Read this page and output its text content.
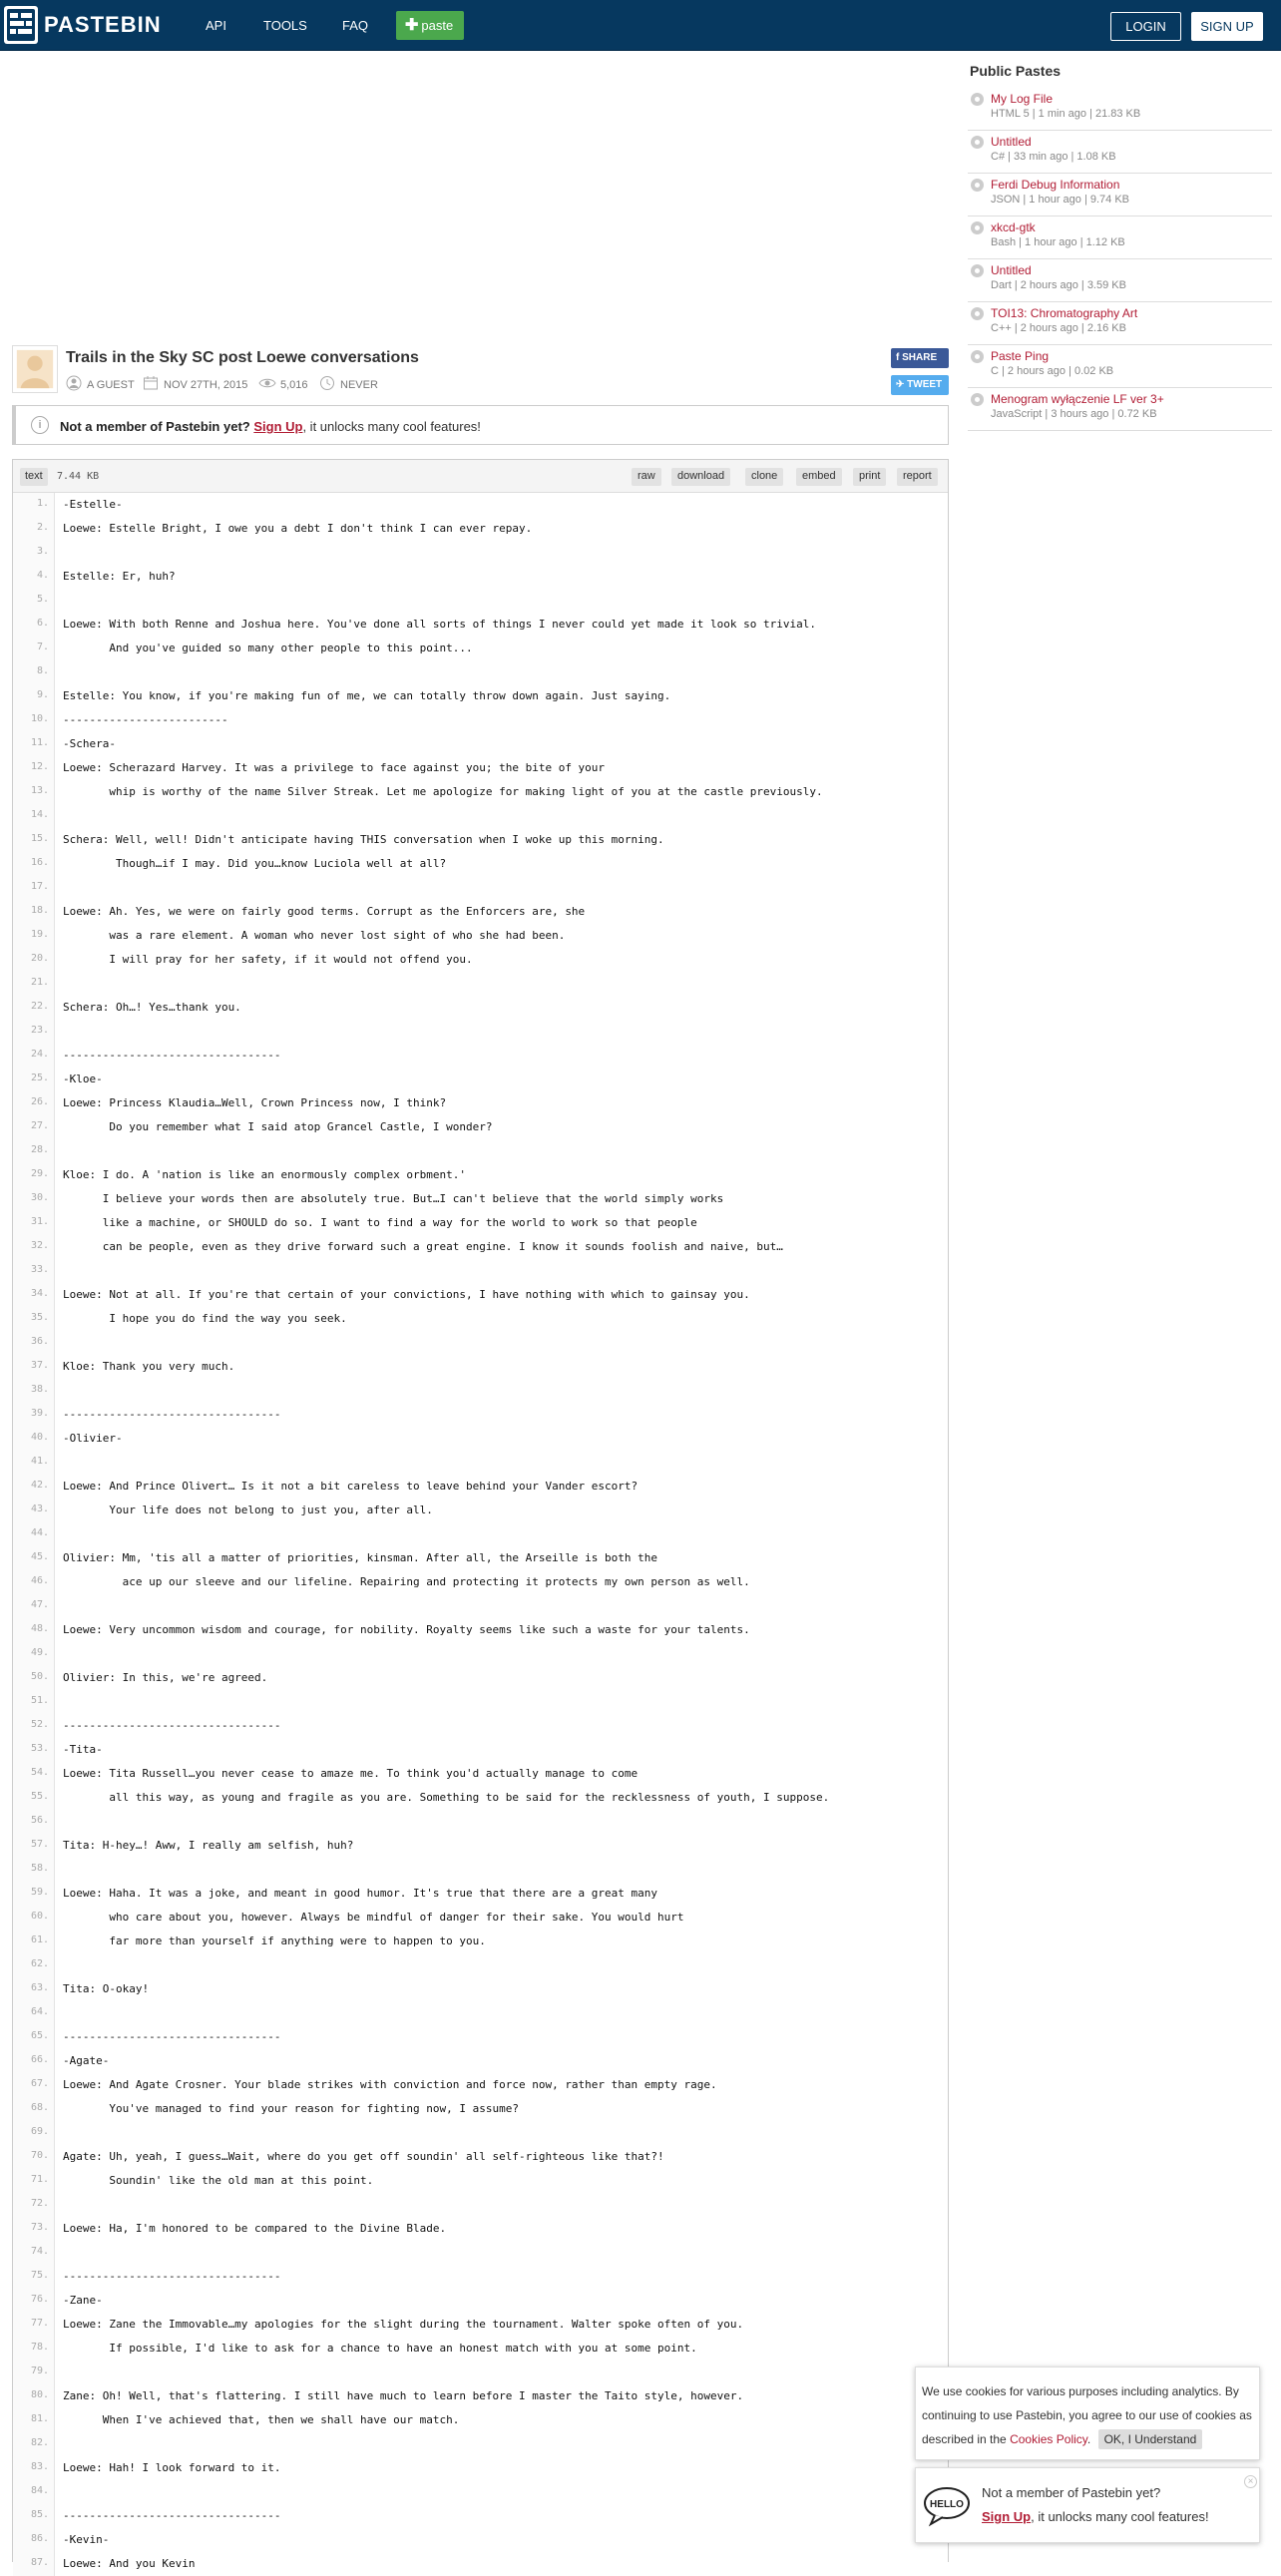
PASTEBIN	API	TOOLS	FAQ	✚ paste	LOGIN	SIGN UP
Trails in the Sky SC post Loewe conversations
A GUEST	NOV 27TH, 2015	5,016	NEVER
f SHARE
✈ TWEET
i	Not a member of Pastebin yet? Sign Up, it unlocks many cool features!
text	7.44 KB	raw	download	clone	embed	print	report
1.	-Estelle-
2.	Loewe: Estelle Bright, I owe you a debt I don't think I can ever repay.
3.
4.	Estelle: Er, huh?
5.
6.	Loewe: With both Renne and Joshua here. You've done all sorts of things I never could yet made it look so trivial.
7.	And you've guided so many other people to this point...
8.
9.	Estelle: You know, if you're making fun of me, we can totally throw down again. Just saying.
10.	-------------------------
11.	-Schera-
12.	Loewe: Scherazard Harvey. It was a privilege to face against you; the bite of your
13.	whip is worthy of the name Silver Streak. Let me apologize for making light of you at the castle previously.
14.
15.	Schera: Well, well! Didn't anticipate having THIS conversation when I woke up this morning.
16.	Though…if I may. Did you…know Luciola well at all?
17.
18.	Loewe: Ah. Yes, we were on fairly good terms. Corrupt as the Enforcers are, she
19.	was a rare element. A woman who never lost sight of who she had been.
20.	I will pray for her safety, if it would not offend you.
21.
22.	Schera: Oh…! Yes…thank you.
23.
24.	---------------------------------
25.	-Kloe-
26.	Loewe: Princess Klaudia…Well, Crown Princess now, I think?
27.	Do you remember what I said atop Grancel Castle, I wonder?
28.
29.	Kloe: I do. A 'nation is like an enormously complex orbment.'
30.	I believe your words then are absolutely true. But…I can't believe that the world simply works
31.	like a machine, or SHOULD do so. I want to find a way for the world to work so that people
32.	can be people, even as they drive forward such a great engine. I know it sounds foolish and naive, but…
33.
34.	Loewe: Not at all. If you're that certain of your convictions, I have nothing with which to gainsay you.
35.	I hope you do find the way you seek.
36.
37.	Kloe: Thank you very much.
38.
39.	---------------------------------
40.	-Olivier-
41.
42.	Loewe: And Prince Olivert… Is it not a bit careless to leave behind your Vander escort?
43.	Your life does not belong to just you, after all.
44.
45.	Olivier: Mm, 'tis all a matter of priorities, kinsman. After all, the Arseille is both the
46.	ace up our sleeve and our lifeline. Repairing and protecting it protects my own person as well.
47.
48.	Loewe: Very uncommon wisdom and courage, for nobility. Royalty seems like such a waste for your talents.
49.
50.	Olivier: In this, we're agreed.
51.
52.	---------------------------------
53.	-Tita-
54.	Loewe: Tita Russell…you never cease to amaze me. To think you'd actually manage to come
55.	all this way, as young and fragile as you are. Something to be said for the recklessness of youth, I suppose.
56.
57.	Tita: H-hey…! Aww, I really am selfish, huh?
58.
59.	Loewe: Haha. It was a joke, and meant in good humor. It's true that there are a great many
60.	who care about you, however. Always be mindful of danger for their sake. You would hurt
61.	far more than yourself if anything were to happen to you.
62.
63.	Tita: O-okay!
64.
65.	---------------------------------
66.	-Agate-
67.	Loewe: And Agate Crosner. Your blade strikes with conviction and force now, rather than empty rage.
68.	You've managed to find your reason for fighting now, I assume?
69.
70.	Agate: Uh, yeah, I guess…Wait, where do you get off soundin' all self-righteous like that?!
71.	Soundin' like the old man at this point.
72.
73.	Loewe: Ha, I'm honored to be compared to the Divine Blade.
74.
75.	---------------------------------
76.	-Zane-
77.	Loewe: Zane the Immovable…my apologies for the slight during the tournament. Walter spoke often of you.
78.	If possible, I'd like to ask for a chance to have an honest match with you at some point.
79.
80.	Zane: Oh! Well, that's flattering. I still have much to learn before I master the Taito style, however.
81.	When I've achieved that, then we shall have our match.
82.
83.	Loewe: Hah! I look forward to it.
84.
85.	---------------------------------
86.	-Kevin-
87.	Loewe: And you Kevin
Public Pastes
My Log File
HTML 5 | 1 min ago | 21.83 KB
Untitled
C# | 33 min ago | 1.08 KB
Ferdi Debug Information
JSON | 1 hour ago | 9.74 KB
xkcd-gtk
Bash | 1 hour ago | 1.12 KB
Untitled
Dart | 2 hours ago | 3.59 KB
TOI13: Chromatography Art
C++ | 2 hours ago | 2.16 KB
Paste Ping
C | 2 hours ago | 0.02 KB
Menogram wyłączenie LF ver 3+
JavaScript | 3 hours ago | 0.72 KB
We use cookies for various purposes including analytics. By continuing to use Pastebin, you agree to our use of cookies as described in the Cookies Policy. OK, I Understand
×
HELLO
Not a member of Pastebin yet?
Sign Up, it unlocks many cool features!
